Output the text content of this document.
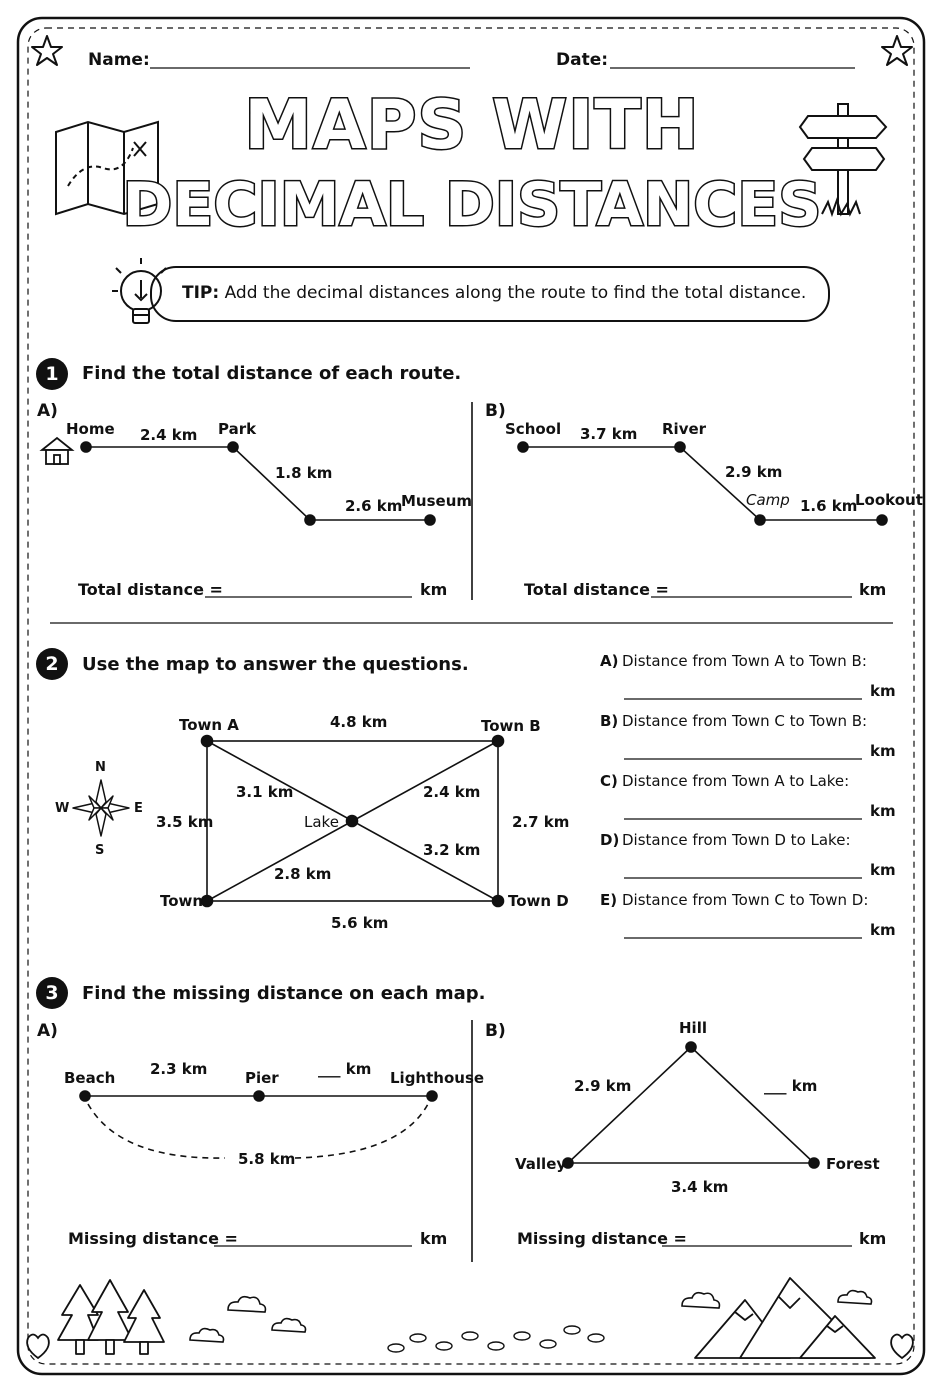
Name:	Date:
MAPS WITH
DECIMAL DISTANCES
TIP: Add the decimal distances along the route to find the total distance.
1	Find the total distance of each route.
A)
Home	Park
Museum
2.4 km
1.8 km
2.6 km
Total distance =	km
B)
School	River
Camp	Lookout
3.7 km
2.9 km
1.6 km
Total distance =	km
2	Use the map to answer the questions.
N
S
E
W
Town A	Town B
Town	Town D
Lake
4.8 km
3.5 km	2.7 km
5.6 km
3.1 km	2.4 km
2.8 km
3.2 km
A) Distance from Town A to Town B:
km
B) Distance from Town C to Town B:
km
C) Distance from Town A to Lake:
km
D) Distance from Town D to Lake:
km
E) Distance from Town C to Town D:
km
3	Find the missing distance on each map.
A)
Beach	Pier	Lighthouse
2.3 km	___ km
5.8 km
Missing distance =	km
B)	Hill
Valley	Forest
2.9 km	___ km
3.4 km
Missing distance =	km
